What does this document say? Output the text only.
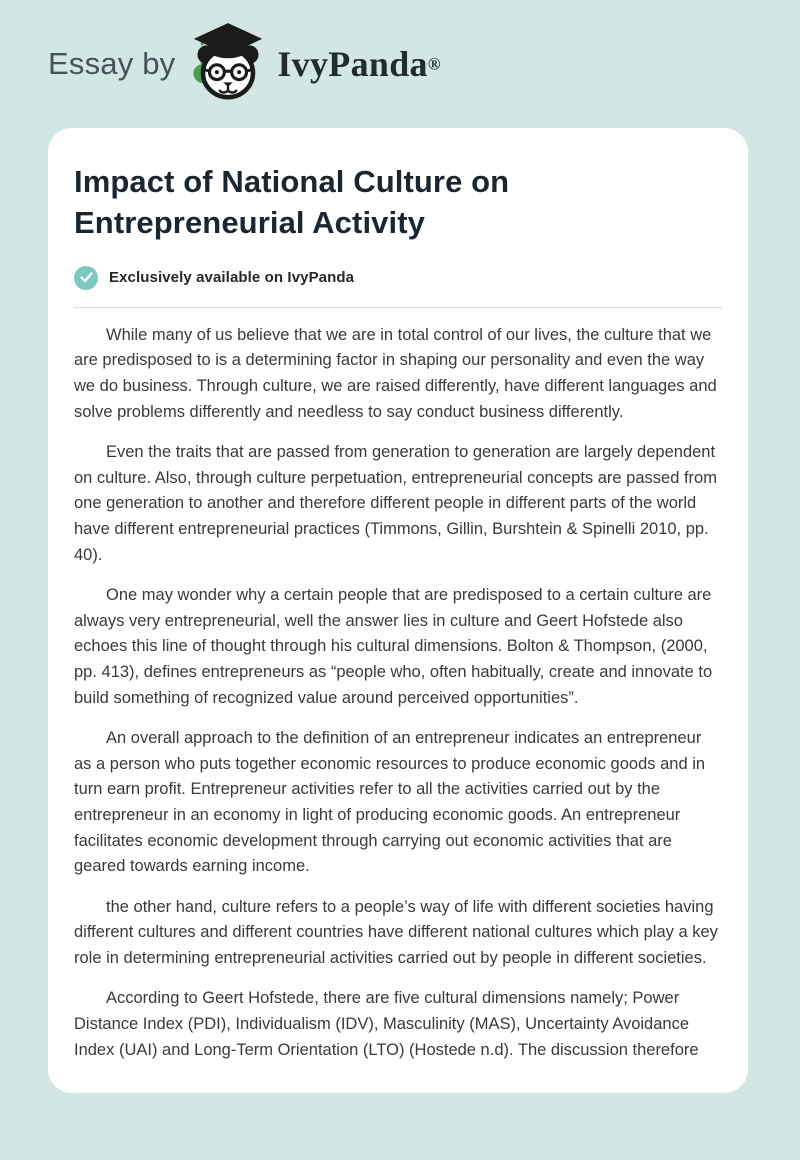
Essay by	IvyPanda®
Impact of National Culture on Entrepreneurial Activity
Exclusively available on IvyPanda

While many of us believe that we are in total control of our lives, the culture that we are predisposed to is a determining factor in shaping our personality and even the way we do business. Through culture, we are raised differently, have different languages and solve problems differently and needless to say conduct business differently.

Even the traits that are passed from generation to generation are largely dependent on culture. Also, through culture perpetuation, entrepreneurial concepts are passed from one generation to another and therefore different people in different parts of the world have different entrepreneurial practices (Timmons, Gillin, Burshtein & Spinelli 2010, pp. 40).

One may wonder why a certain people that are predisposed to a certain culture are always very entrepreneurial, well the answer lies in culture and Geert Hofstede also echoes this line of thought through his cultural dimensions. Bolton & Thompson, (2000, pp. 413), defines entrepreneurs as “people who, often habitually, create and innovate to build something of recognized value around perceived opportunities”.

An overall approach to the definition of an entrepreneur indicates an entrepreneur as a person who puts together economic resources to produce economic goods and in turn earn profit. Entrepreneur activities refer to all the activities carried out by the entrepreneur in an economy in light of producing economic goods. An entrepreneur facilitates economic development through carrying out economic activities that are geared towards earning income.

the other hand, culture refers to a people’s way of life with different societies having different cultures and different countries have different national cultures which play a key role in determining entrepreneurial activities carried out by people in different societies.

According to Geert Hofstede, there are five cultural dimensions namely; Power Distance Index (PDI), Individualism (IDV), Masculinity (MAS), Uncertainty Avoidance Index (UAI) and Long-Term Orientation (LTO) (Hostede n.d). The discussion therefore
